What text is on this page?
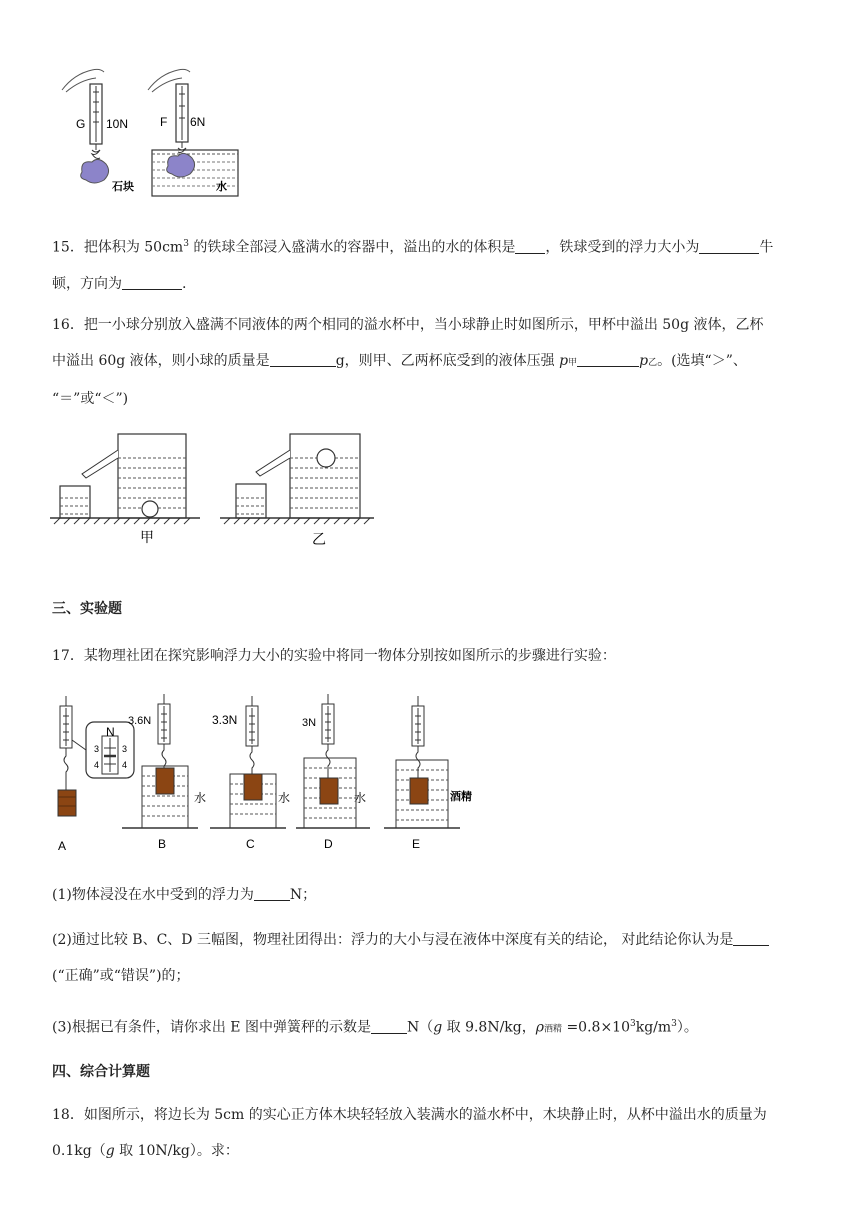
G 10N
石块
F 6N
水

15．把体积为 $50cm^3$ 的铁球全部浸入盛满水的容器中，溢出的水的体积是 ，铁球受到的浮力大小为	牛

顿，方向为	.

16．把一小球分别放入盛满不同液体的两个相同的溢水杯中，当小球静止时如图所示，甲杯中溢出 50g 液体，乙杯

中溢出 60g 液体，则小球的质量是	g，则甲、乙两杯底受到的液体压强 p甲	p乙。(选填“＞”、

“＝”或“＜”)

甲	乙
三、实验题

17．某物理社团在探究影响浮力大小的实验中将同一物体分别按如图所示的步骤进行实验：

N
3	3
4	4
A
3.6N
水
B
3.3N
水
C
3N
水
D
酒精
E

(1)物体浸没在水中受到的浮力为	N；

(2)通过比较 B、C、D 三幅图，物理社团得出：浮力的大小与浸在液体中深度有关的结论， 对此结论你认为是

(“正确”或“错误”)的；

(3)根据已有条件，请你求出 E 图中弹簧秤的示数是	N（g 取 9.8N/kg，ρ酒精 $=0.8\times 10^3kg/m^3$）。

四、综合计算题

18．如图所示，将边长为 5cm 的实心正方体木块轻轻放入装满水的溢水杯中，木块静止时，从杯中溢出水的质量为

0.1kg（g 取 10N/kg）。求：
